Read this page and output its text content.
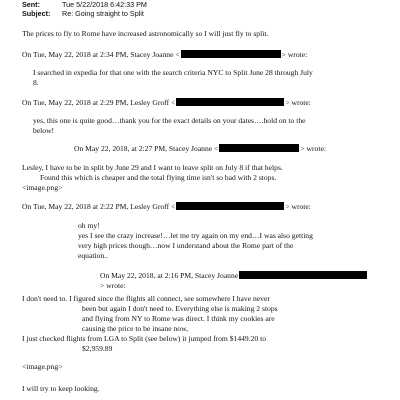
Sent:	Tue 5/22/2018 6:42:33 PM
Subject: Re: Going straight to Split
The prices to fly to Rome have increased astronomically so I will just fly to split.
On Tue, May 22, 2018 at 2:34 PM, Stacey Joanne <	> wrote:
I searched in expedia for that one with the search criteria NYC to Split June 28 through July
8.
On Tue, May 22, 2018 at 2:29 PM, Lesley Groff <	> wrote:
yes, this one is quite good…thank you for the exact details on your dates….hold on to the
below!
On May 22, 2018, at 2:27 PM, Stacey Joanne <	> wrote:
Lesley, I have to be in split by June 29 and I want to leave split on July 8 if that helps.
Found this which is cheaper and the total flying time isn't so bad with 2 stops.
<image.png>
On Tue, May 22, 2018 at 2:22 PM, Lesley Groff <	> wrote:
oh my!
yes I see the crazy increase!…let me try again on my end…I was also getting
very high prices though…now I understand about the Rome part of the
equation..
On May 22, 2018, at 2:16 PM, Stacey Joanne
> wrote:
I don't need to. I figured since the flights all connect, see somewhere I have never
been but again I don't need to. Everything else is making 2 stops
and flying from NY to Rome was direct. I think my cookies are
causing the price to be insane now,
I just checked flights from LGA to Split (see below) it jumped from $1449.20 to
$2,959.89
<image.png>
I will try to keep looking.
